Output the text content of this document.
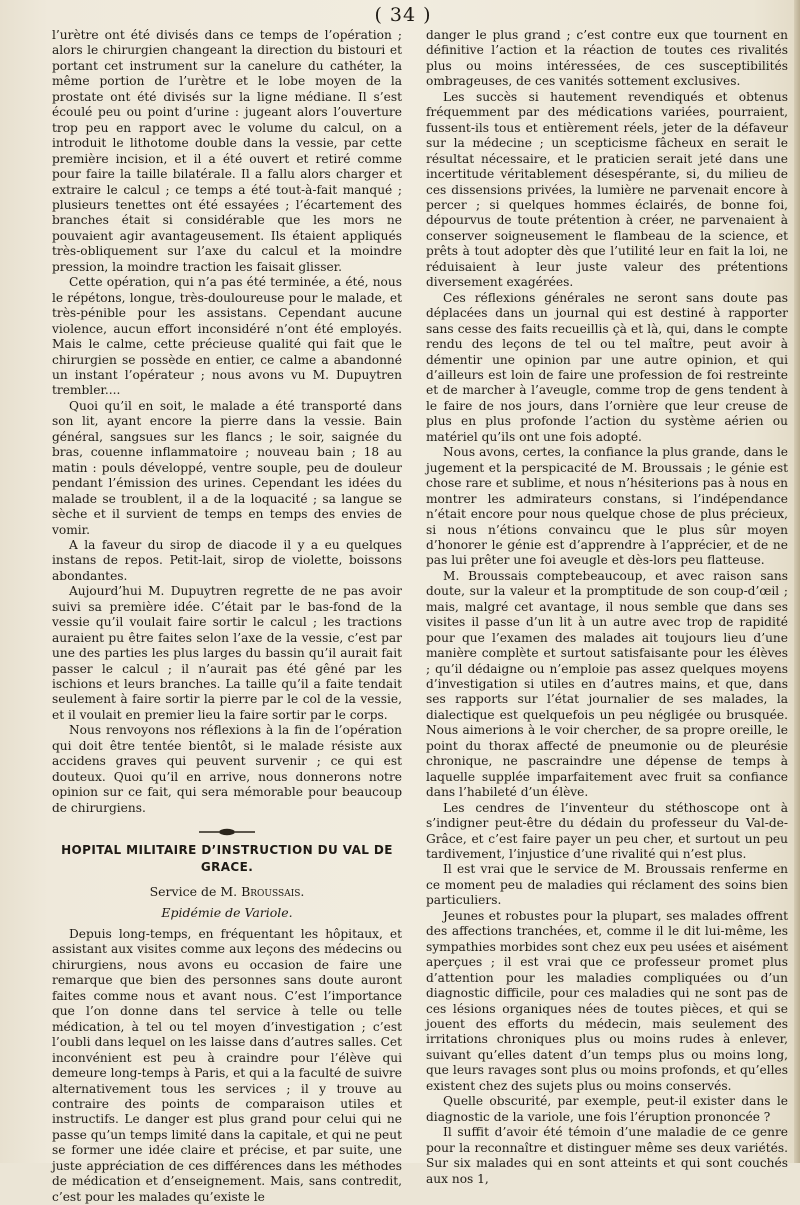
( 34 )

l’urètre ont été divisés dans ce temps de l’opération ; alors le chirurgien changeant la direction du bistouri et portant cet instrument sur la canelure du cathéter, la même portion de l’urètre et le lobe moyen de la prostate ont été divisés sur la ligne médiane. Il s’est écoulé peu ou point d’urine : jugeant alors l’ouverture trop peu en rapport avec le volume du calcul, on a introduit le lithotome double dans la vessie, par cette première incision, et il a été ouvert et retiré comme pour faire la taille bilatérale. Il a fallu alors charger et extraire le calcul ; ce temps a été tout-à-fait manqué ; plusieurs tenettes ont été essayées ; l’écartement des branches était si considérable que les mors ne pouvaient agir avantageusement. Ils étaient appliqués très-obliquement sur l’axe du calcul et la moindre pression, la moindre traction les faisait glisser.

Cette opération, qui n’a pas été terminée, a été, nous le répétons, longue, très-douloureuse pour le malade, et très-pénible pour les assistans. Cependant aucune violence, aucun effort inconsidéré n’ont été employés. Mais le calme, cette précieuse qualité qui fait que le chirurgien se possède en entier, ce calme a abandonné un instant l’opérateur ; nous avons vu M. Dupuytren trembler....

Quoi qu’il en soit, le malade a été transporté dans son lit, ayant encore la pierre dans la vessie. Bain général, sangsues sur les flancs ; le soir, saignée du bras, couenne inflammatoire ; nouveau bain ; 18 au matin : pouls développé, ventre souple, peu de douleur pendant l’émission des urines. Cependant les idées du malade se troublent, il a de la loquacité ; sa langue se sèche et il survient de temps en temps des envies de vomir.

A la faveur du sirop de diacode il y a eu quelques instans de repos. Petit-lait, sirop de violette, boissons abondantes.

Aujourd’hui M. Dupuytren regrette de ne pas avoir suivi sa première idée. C’était par le bas-fond de la vessie qu’il voulait faire sortir le calcul ; les tractions auraient pu être faites selon l’axe de la vessie, c’est par une des parties les plus larges du bassin qu’il aurait fait passer le calcul ; il n’aurait pas été gêné par les ischions et leurs branches. La taille qu’il a faite tendait seulement à faire sortir la pierre par le col de la vessie, et il voulait en premier lieu la faire sortir par le corps.

Nous renvoyons nos réflexions à la fin de l’opération qui doit être tentée bientôt, si le malade résiste aux accidens graves qui peuvent survenir ; ce qui est douteux. Quoi qu’il en arrive, nous donnerons notre opinion sur ce fait, qui sera mémorable pour beaucoup de chirurgiens.

HOPITAL MILITAIRE D’INSTRUCTION DU VAL DE GRACE.
Service de M. Broussais.
Epidémie de Variole.

Depuis long-temps, en fréquentant les hôpitaux, et assistant aux visites comme aux leçons des médecins ou chirurgiens, nous avons eu occasion de faire une remarque que bien des personnes sans doute auront faites comme nous et avant nous. C’est l’importance que l’on donne dans tel service à telle ou telle médication, à tel ou tel moyen d’investigation ; c’est l’oubli dans lequel on les laisse dans d’autres salles. Cet inconvénient est peu à craindre pour l’élève qui demeure long-temps à Paris, et qui a la faculté de suivre alternativement tous les services ; il y trouve au contraire des points de comparaison utiles et instructifs. Le danger est plus grand pour celui qui ne passe qu’un temps limité dans la capitale, et qui ne peut se former une idée claire et précise, et par suite, une juste appréciation de ces différences dans les méthodes de médication et d’enseignement. Mais, sans contredit, c’est pour les malades qu’existe le

danger le plus grand ; c’est contre eux que tournent en définitive l’action et la réaction de toutes ces rivalités plus ou moins intéressées, de ces susceptibilités ombrageuses, de ces vanités sottement exclusives.

Les succès si hautement revendiqués et obtenus fréquemment par des médications variées, pourraient, fussent-ils tous et entièrement réels, jeter de la défaveur sur la médecine ; un scepticisme fâcheux en serait le résultat nécessaire, et le praticien serait jeté dans une incertitude véritablement désespérante, si, du milieu de ces dissensions privées, la lumière ne parvenait encore à percer ; si quelques hommes éclairés, de bonne foi, dépourvus de toute prétention à créer, ne parvenaient à conserver soigneusement le flambeau de la science, et prêts à tout adopter dès que l’utilité leur en fait la loi, ne réduisaient à leur juste valeur des prétentions diversement exagérées.

Ces réflexions générales ne seront sans doute pas déplacées dans un journal qui est destiné à rapporter sans cesse des faits recueillis çà et là, qui, dans le compte rendu des leçons de tel ou tel maître, peut avoir à démentir une opinion par une autre opinion, et qui d’ailleurs est loin de faire une profession de foi restreinte et de marcher à l’aveugle, comme trop de gens tendent à le faire de nos jours, dans l’ornière que leur creuse de plus en plus profonde l’action du système aérien ou matériel qu’ils ont une fois adopté.

Nous avons, certes, la confiance la plus grande, dans le jugement et la perspicacité de M. Broussais ; le génie est chose rare et sublime, et nous n’hésiterions pas à nous en montrer les admirateurs constans, si l’indépendance n’était encore pour nous quelque chose de plus précieux, si nous n’étions convaincu que le plus sûr moyen d’honorer le génie est d’apprendre à l’apprécier, et de ne pas lui prêter une foi aveugle et dès-lors peu flatteuse.

M. Broussais comptebeaucoup, et avec raison sans doute, sur la valeur et la promptitude de son coup-d’œil ; mais, malgré cet avantage, il nous semble que dans ses visites il passe d’un lit à un autre avec trop de rapidité pour que l’examen des malades ait toujours lieu d’une manière complète et surtout satisfaisante pour les élèves ; qu’il dédaigne ou n’emploie pas assez quelques moyens d’investigation si utiles en d’autres mains, et que, dans ses rapports sur l’état journalier de ses malades, la dialectique est quelquefois un peu négligée ou brusquée. Nous aimerions à le voir chercher, de sa propre oreille, le point du thorax affecté de pneumonie ou de pleurésie chronique, ne pascraindre une dépense de temps à laquelle supplée imparfaitement avec fruit sa confiance dans l’habileté d’un élève.

Les cendres de l’inventeur du stéthoscope ont à s’indigner peut-être du dédain du professeur du Val-de-Grâce, et c’est faire payer un peu cher, et surtout un peu tardivement, l’injustice d’une rivalité qui n’est plus.

Il est vrai que le service de M. Broussais renferme en ce moment peu de maladies qui réclament des soins bien particuliers.

Jeunes et robustes pour la plupart, ses malades offrent des affections tranchées, et, comme il le dit lui-même, les sympathies morbides sont chez eux peu usées et aisément aperçues ; il est vrai que ce professeur promet plus d’attention pour les maladies compliquées ou d’un diagnostic difficile, pour ces maladies qui ne sont pas de ces lésions organiques nées de toutes pièces, et qui se jouent des efforts du médecin, mais seulement des irritations chroniques plus ou moins rudes à enlever, suivant qu’elles datent d’un temps plus ou moins long, que leurs ravages sont plus ou moins profonds, et qu’elles existent chez des sujets plus ou moins conservés.

Quelle obscurité, par exemple, peut-il exister dans le diagnostic de la variole, une fois l’éruption prononcée ?

Il suffit d’avoir été témoin d’une maladie de ce genre pour la reconnaître et distinguer même ses deux variétés. Sur six malades qui en sont atteints et qui sont couchés aux nos 1,
